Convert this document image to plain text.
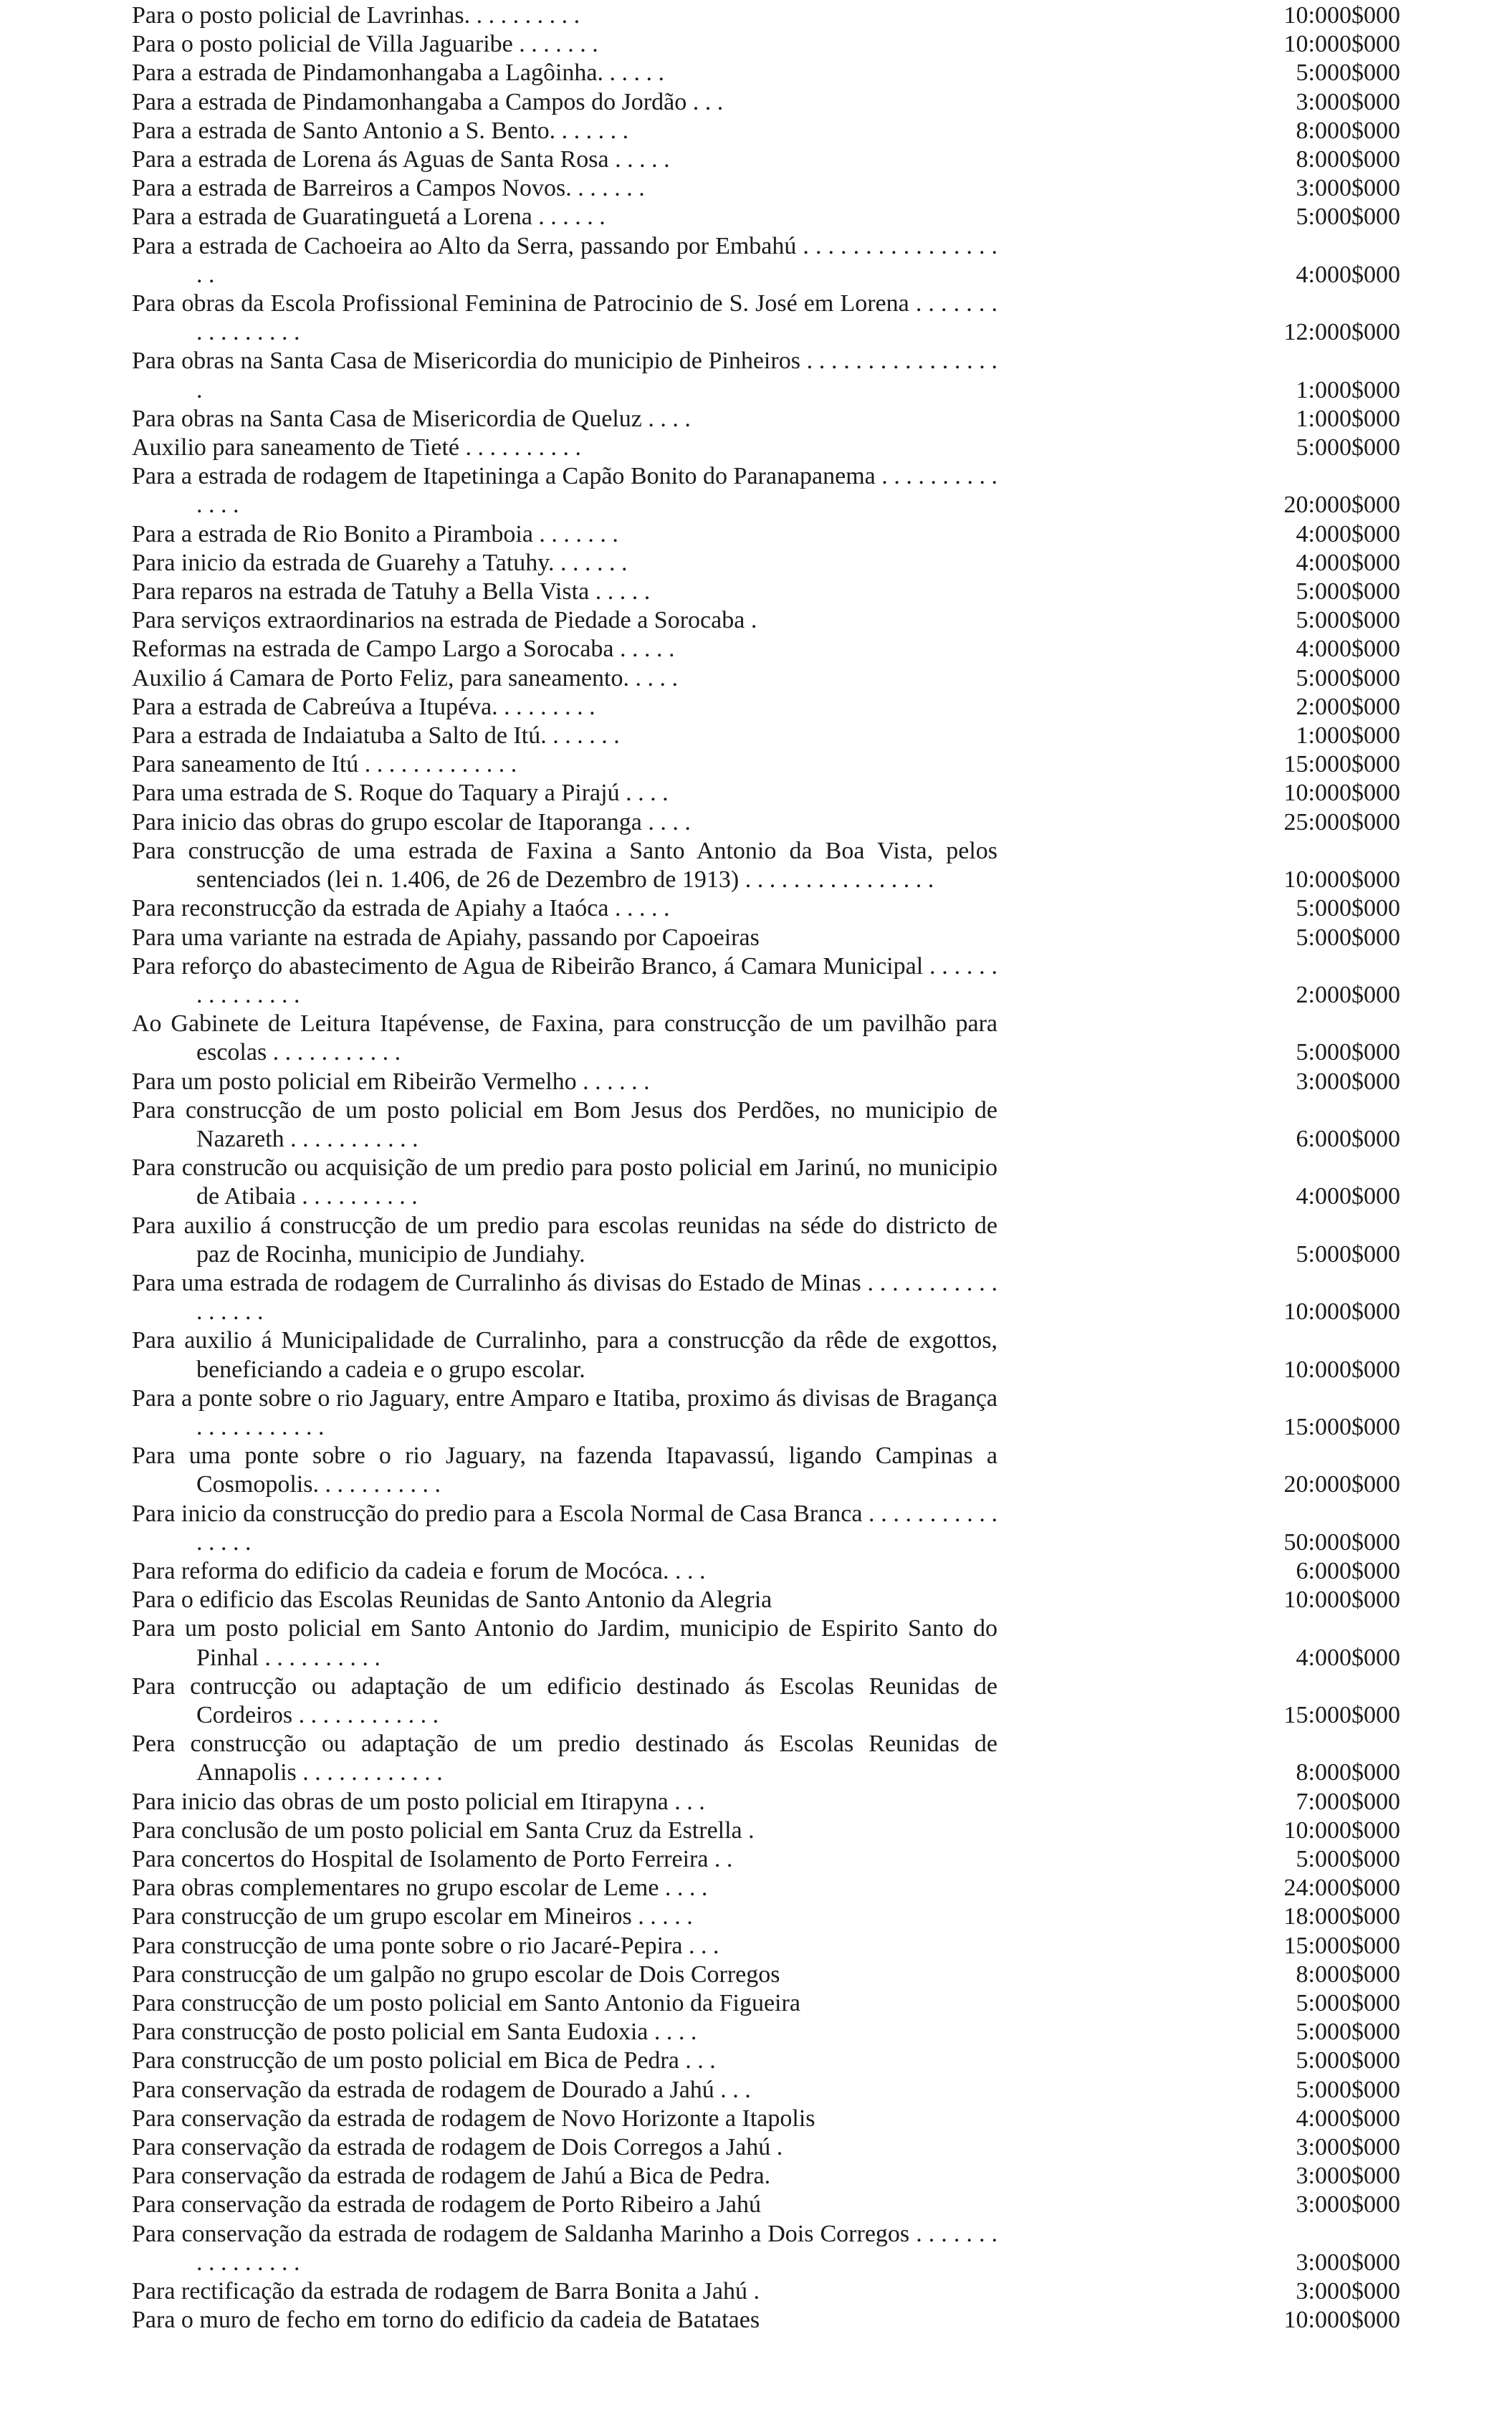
Para o posto policial de Lavrinhas. . . . . . . . . .	10:000$000
Para o posto policial de Villa Jaguaribe . . . . . . .	10:000$000
Para a estrada de Pindamonhangaba a Lagôinha. . . . . .	5:000$000
Para a estrada de Pindamonhangaba a Campos do Jordão . . .	3:000$000
Para a estrada de Santo Antonio a S. Bento. . . . . . .	8:000$000
Para a estrada de Lorena ás Aguas de Santa Rosa . . . . .	8:000$000
Para a estrada de Barreiros a Campos Novos. . . . . . .	3:000$000
Para a estrada de Guaratinguetá a Lorena . . . . . .	5:000$000
Para a estrada de Cachoeira ao Alto da Serra, passando por Embahú . . . . . . . . . . . . . . . . . .	4:000$000
Para obras da Escola Profissional Feminina de Patrocinio de S. José em Lorena . . . . . . . . . . . . . . . .	12:000$000
Para obras na Santa Casa de Misericordia do municipio de Pinheiros . . . . . . . . . . . . . . . . .	1:000$000
Para obras na Santa Casa de Misericordia de Queluz . . . .	1:000$000
Auxilio para saneamento de Tieté . . . . . . . . . .	5:000$000
Para a estrada de rodagem de Itapetininga a Capão Bonito do Paranapanema . . . . . . . . . . . . . .	20:000$000
Para a estrada de Rio Bonito a Piramboia . . . . . . .	4:000$000
Para inicio da estrada de Guarehy a Tatuhy. . . . . . .	4:000$000
Para reparos na estrada de Tatuhy a Bella Vista . . . . .	5:000$000
Para serviços extraordinarios na estrada de Piedade a Sorocaba .	5:000$000
Reformas na estrada de Campo Largo a Sorocaba . . . . .	4:000$000
Auxilio á Camara de Porto Feliz, para saneamento. . . . .	5:000$000
Para a estrada de Cabreúva a Itupéva. . . . . . . . .	2:000$000
Para a estrada de Indaiatuba a Salto de Itú. . . . . . .	1:000$000
Para saneamento de Itú . . . . . . . . . . . . .	15:000$000
Para uma estrada de S. Roque do Taquary a Pirajú . . . .	10:000$000
Para inicio das obras do grupo escolar de Itaporanga . . . .	25:000$000
Para construcção de uma estrada de Faxina a Santo Antonio da Boa Vista, pelos sentenciados (lei n. 1.406, de 26 de Dezembro de 1913) . . . . . . . . . . . . . . . .	10:000$000
Para reconstrucção da estrada de Apiahy a Itaóca . . . . .	5:000$000
Para uma variante na estrada de Apiahy, passando por Capoeiras	5:000$000
Para reforço do abastecimento de Agua de Ribeirão Branco, á Camara Municipal . . . . . . . . . . . . . . .	2:000$000
Ao Gabinete de Leitura Itapévense, de Faxina, para construcção de um pavilhão para escolas . . . . . . . . . . .	5:000$000
Para um posto policial em Ribeirão Vermelho . . . . . .	3:000$000
Para construcção de um posto policial em Bom Jesus dos Perdões, no municipio de Nazareth . . . . . . . . . . .	6:000$000
Para construcão ou acquisição de um predio para posto policial em Jarinú, no municipio de Atibaia . . . . . . . . . .	4:000$000
Para auxilio á construcção de um predio para escolas reunidas na séde do districto de paz de Rocinha, municipio de Jundiahy.	5:000$000
Para uma estrada de rodagem de Curralinho ás divisas do Estado de Minas . . . . . . . . . . . . . . . . .	10:000$000
Para auxilio á Municipalidade de Curralinho, para a construcção da rêde de exgottos, beneficiando a cadeia e o grupo escolar.	10:000$000
Para a ponte sobre o rio Jaguary, entre Amparo e Itatiba, proximo ás divisas de Bragança . . . . . . . . . . .	15:000$000
Para uma ponte sobre o rio Jaguary, na fazenda Itapavassú, ligando Campinas a Cosmopolis. . . . . . . . . . .	20:000$000
Para inicio da construcção do predio para a Escola Normal de Casa Branca . . . . . . . . . . . . . . . .	50:000$000
Para reforma do edificio da cadeia e forum de Mocóca. . . .	6:000$000
Para o edificio das Escolas Reunidas de Santo Antonio da Alegria	10:000$000
Para um posto policial em Santo Antonio do Jardim, municipio de Espirito Santo do Pinhal . . . . . . . . . .	4:000$000
Para contrucção ou adaptação de um edificio destinado ás Escolas Reunidas de Cordeiros . . . . . . . . . . . .	15:000$000
Pera construcção ou adaptação de um predio destinado ás Escolas Reunidas de Annapolis . . . . . . . . . . . .	8:000$000
Para inicio das obras de um posto policial em Itirapyna . . .	7:000$000
Para conclusão de um posto policial em Santa Cruz da Estrella .	10:000$000
Para concertos do Hospital de Isolamento de Porto Ferreira . .	5:000$000
Para obras complementares no grupo escolar de Leme . . . .	24:000$000
Para construcção de um grupo escolar em Mineiros . . . . .	18:000$000
Para construcção de uma ponte sobre o rio Jacaré-Pepira . . .	15:000$000
Para construcção de um galpão no grupo escolar de Dois Corregos	8:000$000
Para construcção de um posto policial em Santo Antonio da Figueira	5:000$000
Para construcção de posto policial em Santa Eudoxia . . . .	5:000$000
Para construcção de um posto policial em Bica de Pedra . . .	5:000$000
Para conservação da estrada de rodagem de Dourado a Jahú . . .	5:000$000
Para conservação da estrada de rodagem de Novo Horizonte a Itapolis	4:000$000
Para conservação da estrada de rodagem de Dois Corregos a Jahú .	3:000$000
Para conservação da estrada de rodagem de Jahú a Bica de Pedra.	3:000$000
Para conservação da estrada de rodagem de Porto Ribeiro a Jahú	3:000$000
Para conservação da estrada de rodagem de Saldanha Marinho a Dois Corregos . . . . . . . . . . . . . . . .	3:000$000
Para rectificação da estrada de rodagem de Barra Bonita a Jahú .	3:000$000
Para o muro de fecho em torno do edificio da cadeia de Batataes	10:000$000
